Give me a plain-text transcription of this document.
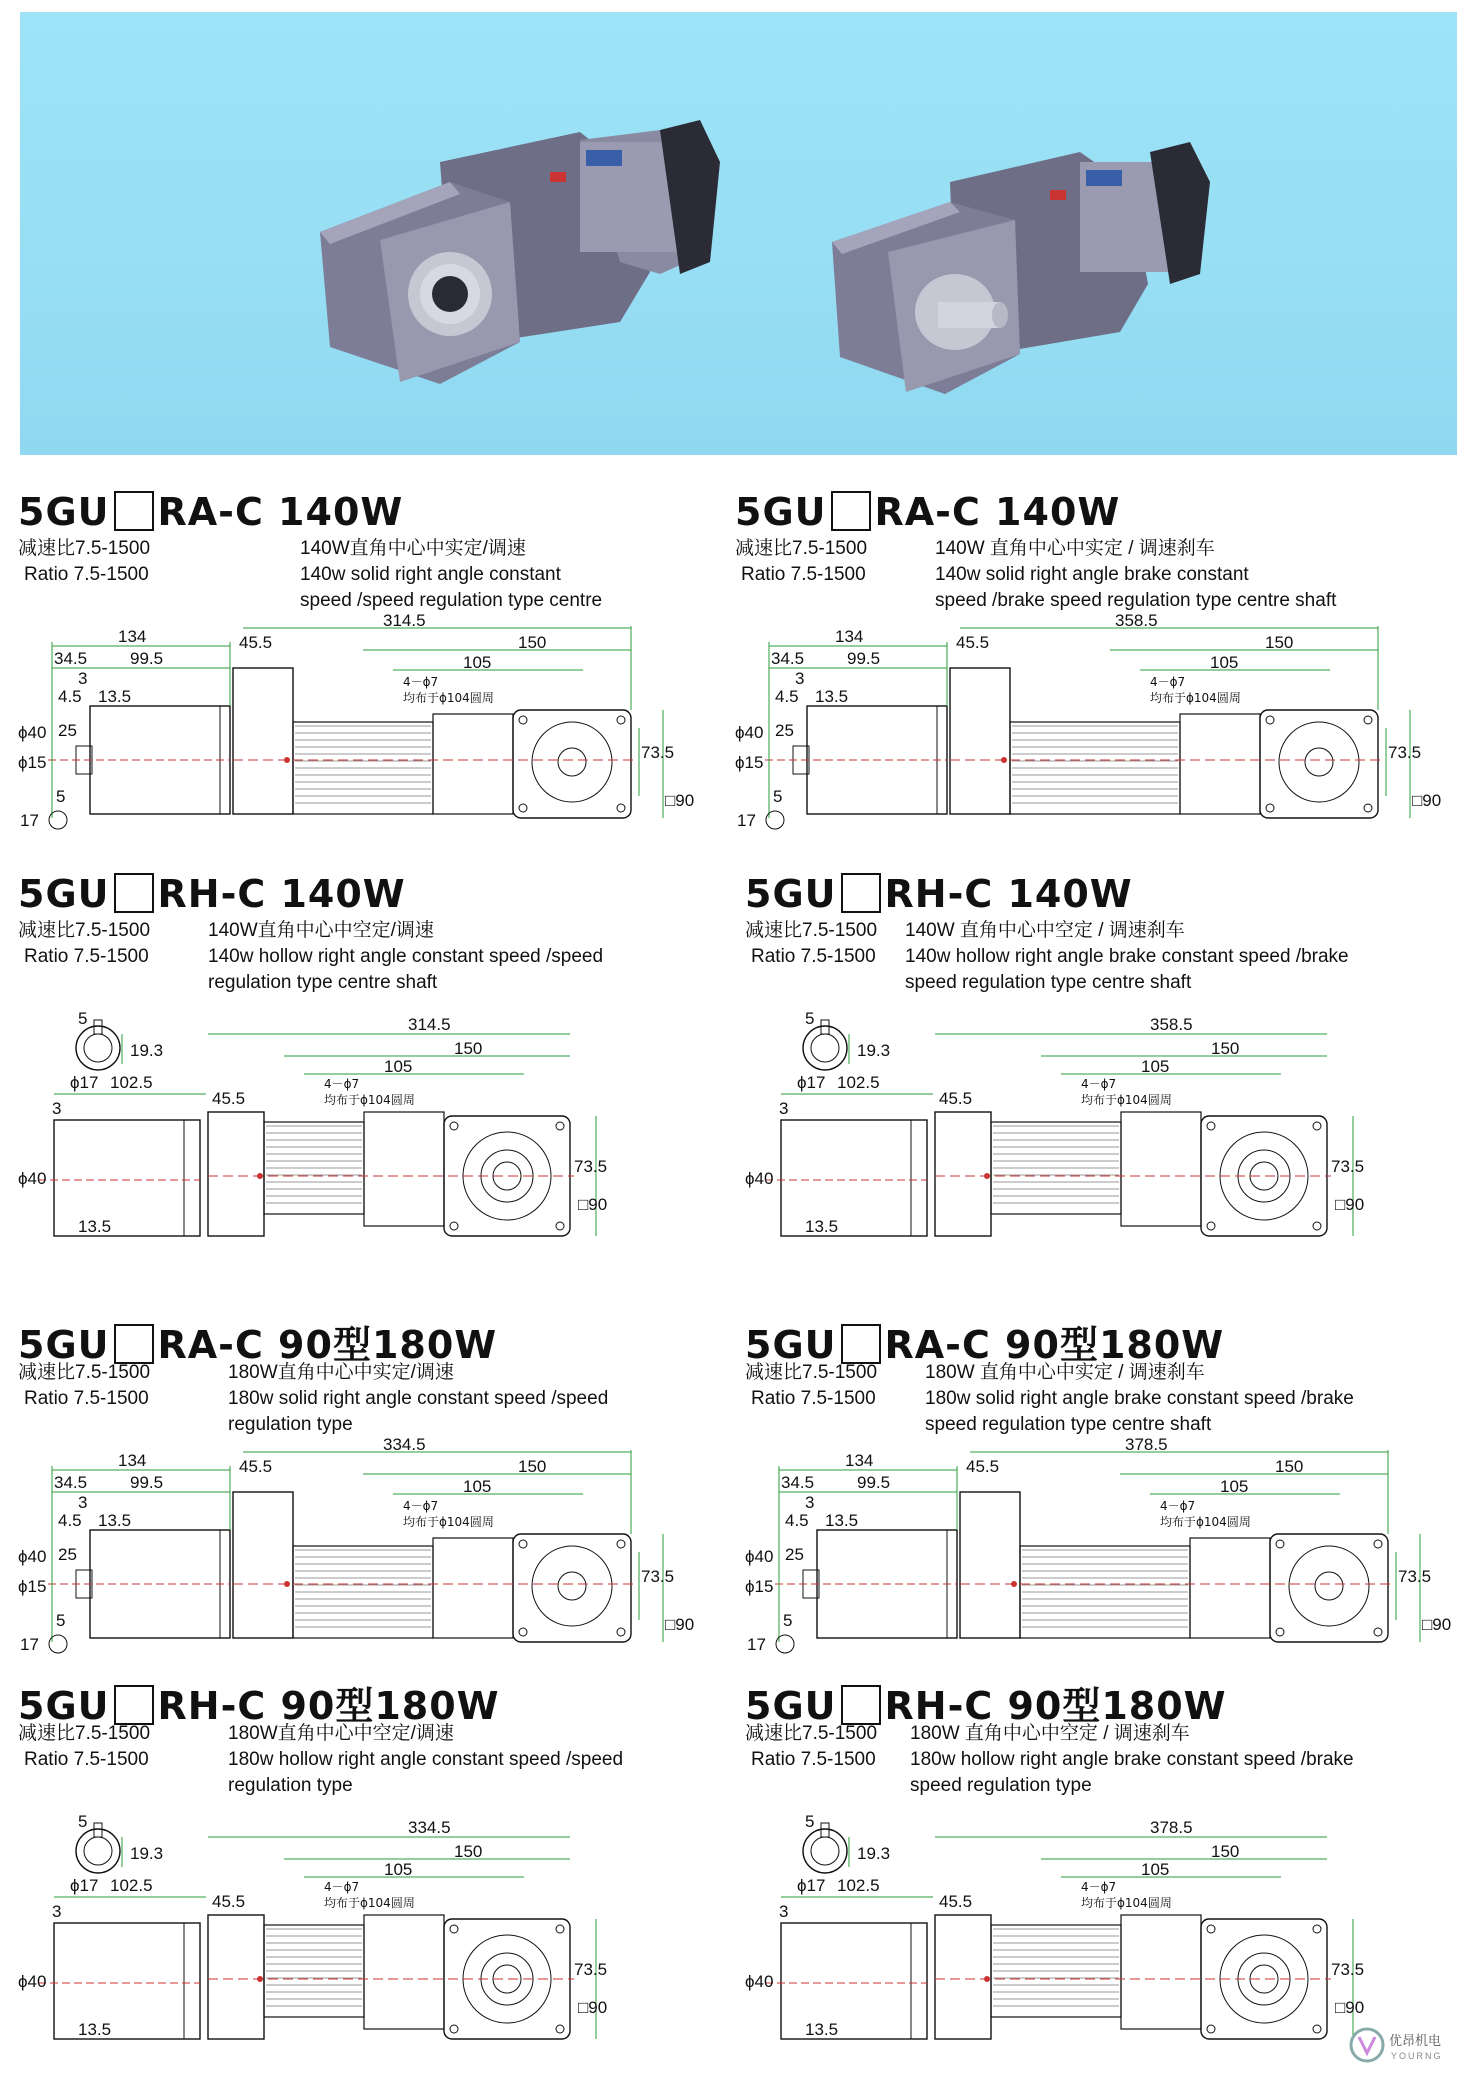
5GU RA-C 140W
减速比7.5-1500
Ratio 7.5-1500
140W直角中心中实定/调速
140w solid right angle constant
speed /speed regulation type centre
134
34.5	99.5
3
4.5 13.5
ϕ40 25
ϕ15
5
17
314.5
45.5	150
105
4－ϕ7
均布于ϕ104圆周
73.5
□90
5GU RA-C 140W
减速比7.5-1500
Ratio 7.5-1500
140W 直角中心中实定 / 调速刹车
140w solid right angle brake constant
speed /brake speed regulation type centre shaft
134
34.5	99.5
3
4.5 13.5
ϕ40 25
ϕ15
5
17
358.5
45.5	150
105
4－ϕ7
均布于ϕ104圆周
73.5
□90
5GU RH-C 140W
减速比7.5-1500
Ratio 7.5-1500
140W直角中心中空定/调速
140w hollow right angle constant speed /speed
regulation type centre shaft
5
19.3
ϕ17 102.5
3
ϕ40
13.5
314.5
45.5
150
105
4－ϕ7
均布于ϕ104圆周
73.5
□90
5GU RH-C 140W
减速比7.5-1500
Ratio 7.5-1500
140W 直角中心中空定 / 调速刹车
140w hollow right angle brake constant speed /brake
speed regulation type centre shaft
5
19.3
ϕ17 102.5
3
ϕ40
13.5
358.5
45.5
150
105
4－ϕ7
均布于ϕ104圆周
73.5
□90
5GU RA-C 90型180W
减速比7.5-1500
Ratio 7.5-1500
180W直角中心中实定/调速
180w solid right angle constant speed /speed
regulation type
134
34.5	99.5
3
4.5 13.5
ϕ40 25
ϕ15
5
17
334.5
45.5	150
105
4－ϕ7
均布于ϕ104圆周
73.5
□90
5GU RA-C 90型180W
减速比7.5-1500
Ratio 7.5-1500
180W 直角中心中实定 / 调速刹车
180w solid right angle brake constant speed /brake
speed regulation type centre shaft
134
34.5	99.5
3
4.5 13.5
ϕ40 25
ϕ15
5
17
378.5
45.5	150
105
4－ϕ7
均布于ϕ104圆周
73.5
□90
5GU RH-C 90型180W
减速比7.5-1500
Ratio 7.5-1500
180W直角中心中空定/调速
180w hollow right angle constant speed /speed
regulation type
5
19.3
ϕ17 102.5
3
ϕ40
13.5
334.5
45.5
150
105
4－ϕ7
均布于ϕ104圆周
73.5
□90
5GU RH-C 90型180W
减速比7.5-1500
Ratio 7.5-1500
180W 直角中心中空定 / 调速刹车
180w hollow right angle brake constant speed /brake
speed regulation type
5
19.3
ϕ17 102.5
3
ϕ40
13.5
378.5
45.5
150
105
4－ϕ7
均布于ϕ104圆周
73.5
□90
优昂机电
YOURNG
